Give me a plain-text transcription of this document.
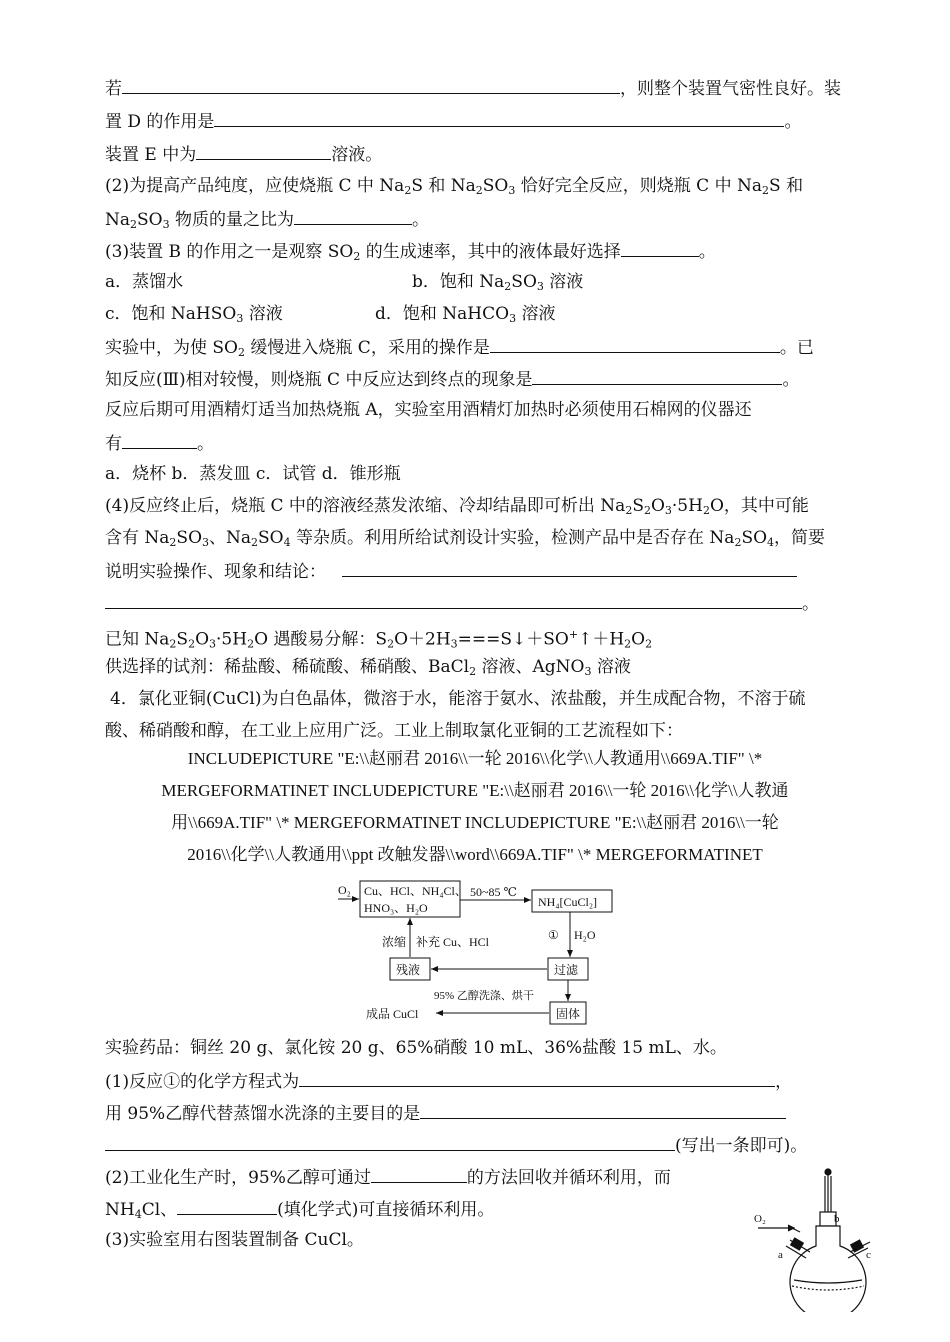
若	，则整个装置气密性良好。装
置 D 的作用是	。
装置 E 中为	溶液。
(2)为提高产品纯度，应使烧瓶 C 中 $Na_2S$ 和 $Na_2SO_3$ 恰好完全反应，则烧瓶 C 中 $Na_2S$ 和
$Na_2SO_3$ 物质的量之比为	。
(3)装置 B 的作用之一是观察 $SO_2$ 的生成速率，其中的液体最好选择	。
a．蒸馏水	b．饱和 $Na_2SO_3$ 溶液
c．饱和 NaHSO$_3$ 溶液	d．饱和 NaHCO$_3$ 溶液
实验中，为使 $SO_2$ 缓慢进入烧瓶 C，采用的操作是	。已
知反应(Ⅲ)相对较慢，则烧瓶 C 中反应达到终点的现象是	。
反应后期可用酒精灯适当加热烧瓶 A，实验室用酒精灯加热时必须使用石棉网的仪器还
有	。
a．烧杯 b．蒸发皿 c．试管 d．锥形瓶
(4)反应终止后，烧瓶 C 中的溶液经蒸发浓缩、冷却结晶即可析出 $Na_2S_2O_3\cdot 5H_2O$，其中可能
含有 $Na_2SO_3$、$Na_2SO_4$ 等杂质。利用所给试剂设计实验，检测产品中是否存在 $Na_2SO_4$，简要
说明实验操作、现象和结论：
。
已知 $Na_2S_2O_3\cdot 5H_2O$ 遇酸易分解：$S_2O+2H_3===S↓+SO^+↑+H_2O_2$
供选择的试剂：稀盐酸、稀硫酸、稀硝酸、BaCl$_2$ 溶液、AgNO$_3$ 溶液
4．氯化亚铜(CuCl)为白色晶体，微溶于水，能溶于氨水、浓盐酸，并生成配合物，不溶于硫
酸、稀硝酸和醇，在工业上应用广泛。工业上制取氯化亚铜的工艺流程如下：
INCLUDEPICTURE "E:\\赵丽君 2016\\一轮 2016\\化学\\人教通用\\669A.TIF" \*
MERGEFORMATINET INCLUDEPICTURE "E:\\赵丽君 2016\\一轮 2016\\化学\\人教通
用\\669A.TIF" \* MERGEFORMATINET INCLUDEPICTURE "E:\\赵丽君 2016\\一轮
2016\\化学\\人教通用\\ppt 改触发器\\word\\669A.TIF" \* MERGEFORMATINET
O₂ Cu、HCl、NH₄Cl、
HNO₃、H₂O
50~85 ℃
NH₄[CuCl₂]
① H₂O
浓缩 补充 Cu、HCl
残液	过滤
95% 乙醇洗涤、烘干
成品 CuCl	固体
实验药品：铜丝 20 g、氯化铵 20 g、65%硝酸 10 mL、36%盐酸 15 mL、水。
(1)反应①的化学方程式为	，
用 95%乙醇代替蒸馏水洗涤的主要目的是
(写出一条即可)。
(2)工业化生产时，95%乙醇可通过	的方法回收并循环利用，而
$NH_4Cl$、	(填化学式)可直接循环利用。
(3)实验室用右图装置制备 CuCl。
O₂
a
b
c
